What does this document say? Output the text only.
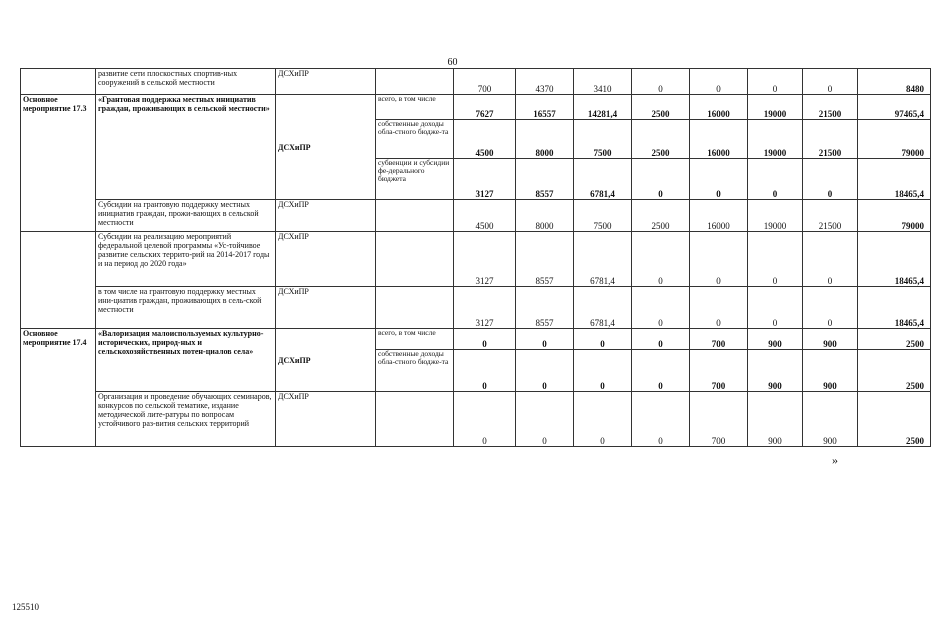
60
	развитие сети плоскостных спортив-ных сооружений в сельской местности	ДСХиПР		700	4370	3410	0	0	0	0	8480
Основное мероприятие 17.3	«Грантовая поддержка местных инициатив граждан, проживающих в сельской местности»	ДСХиПР	всего, в том числе	7627	16557	14281,4	2500	16000	19000	21500	97465,4
			собственные доходы обла-стного бюдже-та	4500	8000	7500	2500	16000	19000	21500	79000
			субвенции и субсидии фе-дерального бюджета	3127	8557	6781,4	0	0	0	0	18465,4
	Субсидии на грантовую поддержку местных инициатив граждан, прожи-вающих в сельской местности	ДСХиПР		4500	8000	7500	2500	16000	19000	21500	79000
	Субсидии на реализацию мероприятий федеральной целевой программы «Ус-тойчивое развитие сельских террито-рий на 2014-2017 годы и на период до 2020 года»	ДСХиПР		3127	8557	6781,4	0	0	0	0	18465,4
	в том числе на грантовую поддержку местных ини-циатив граждан, проживающих в сель-ской местности	ДСХиПР		3127	8557	6781,4	0	0	0	0	18465,4
Основное мероприятие 17.4	«Валоризация малоиспользуемых культурно-исторических, природ-ных и сельскохозяйственных потен-циалов села»	ДСХиПР	всего, в том числе	0	0	0	0	700	900	900	2500
			собственные доходы обла-стного бюдже-та	0	0	0	0	700	900	900	2500
	Организация и проведение обучающих семинаров, конкурсов по сельской тематике, издание методической лите-ратуры по вопросам устойчивого раз-вития сельских территорий	ДСХиПР		0	0	0	0	700	900	900	2500
»
125510
